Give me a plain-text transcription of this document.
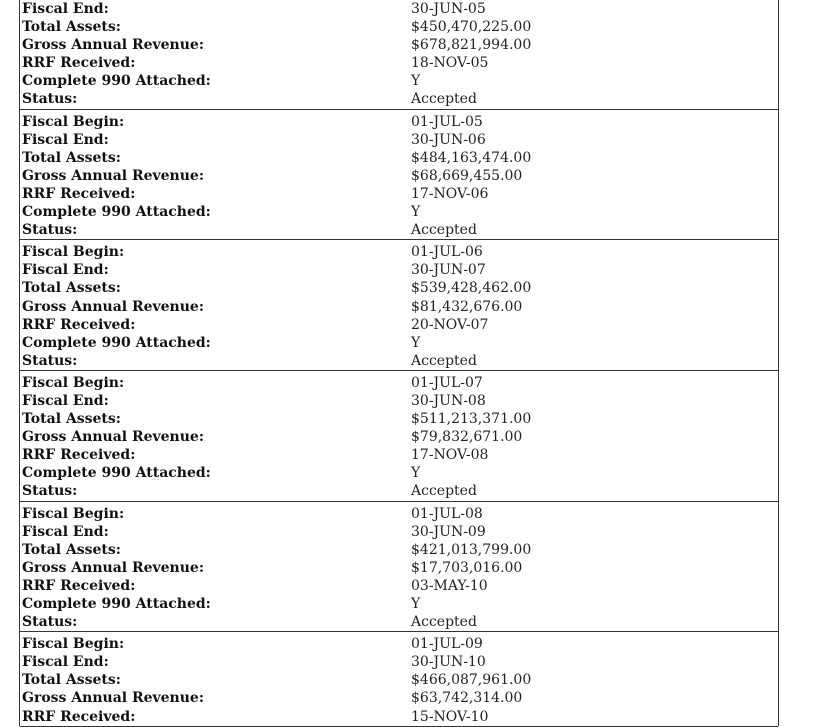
Fiscal End:	30-JUN-05
Total Assets:	$450,470,225.00
Gross Annual Revenue:	$678,821,994.00
RRF Received:	18-NOV-05
Complete 990 Attached:	Y
Status:	Accepted
Fiscal Begin:	01-JUL-05
Fiscal End:	30-JUN-06
Total Assets:	$484,163,474.00
Gross Annual Revenue:	$68,669,455.00
RRF Received:	17-NOV-06
Complete 990 Attached:	Y
Status:	Accepted
Fiscal Begin:	01-JUL-06
Fiscal End:	30-JUN-07
Total Assets:	$539,428,462.00
Gross Annual Revenue:	$81,432,676.00
RRF Received:	20-NOV-07
Complete 990 Attached:	Y
Status:	Accepted
Fiscal Begin:	01-JUL-07
Fiscal End:	30-JUN-08
Total Assets:	$511,213,371.00
Gross Annual Revenue:	$79,832,671.00
RRF Received:	17-NOV-08
Complete 990 Attached:	Y
Status:	Accepted
Fiscal Begin:	01-JUL-08
Fiscal End:	30-JUN-09
Total Assets:	$421,013,799.00
Gross Annual Revenue:	$17,703,016.00
RRF Received:	03-MAY-10
Complete 990 Attached:	Y
Status:	Accepted
Fiscal Begin:	01-JUL-09
Fiscal End:	30-JUN-10
Total Assets:	$466,087,961.00
Gross Annual Revenue:	$63,742,314.00
RRF Received:	15-NOV-10
